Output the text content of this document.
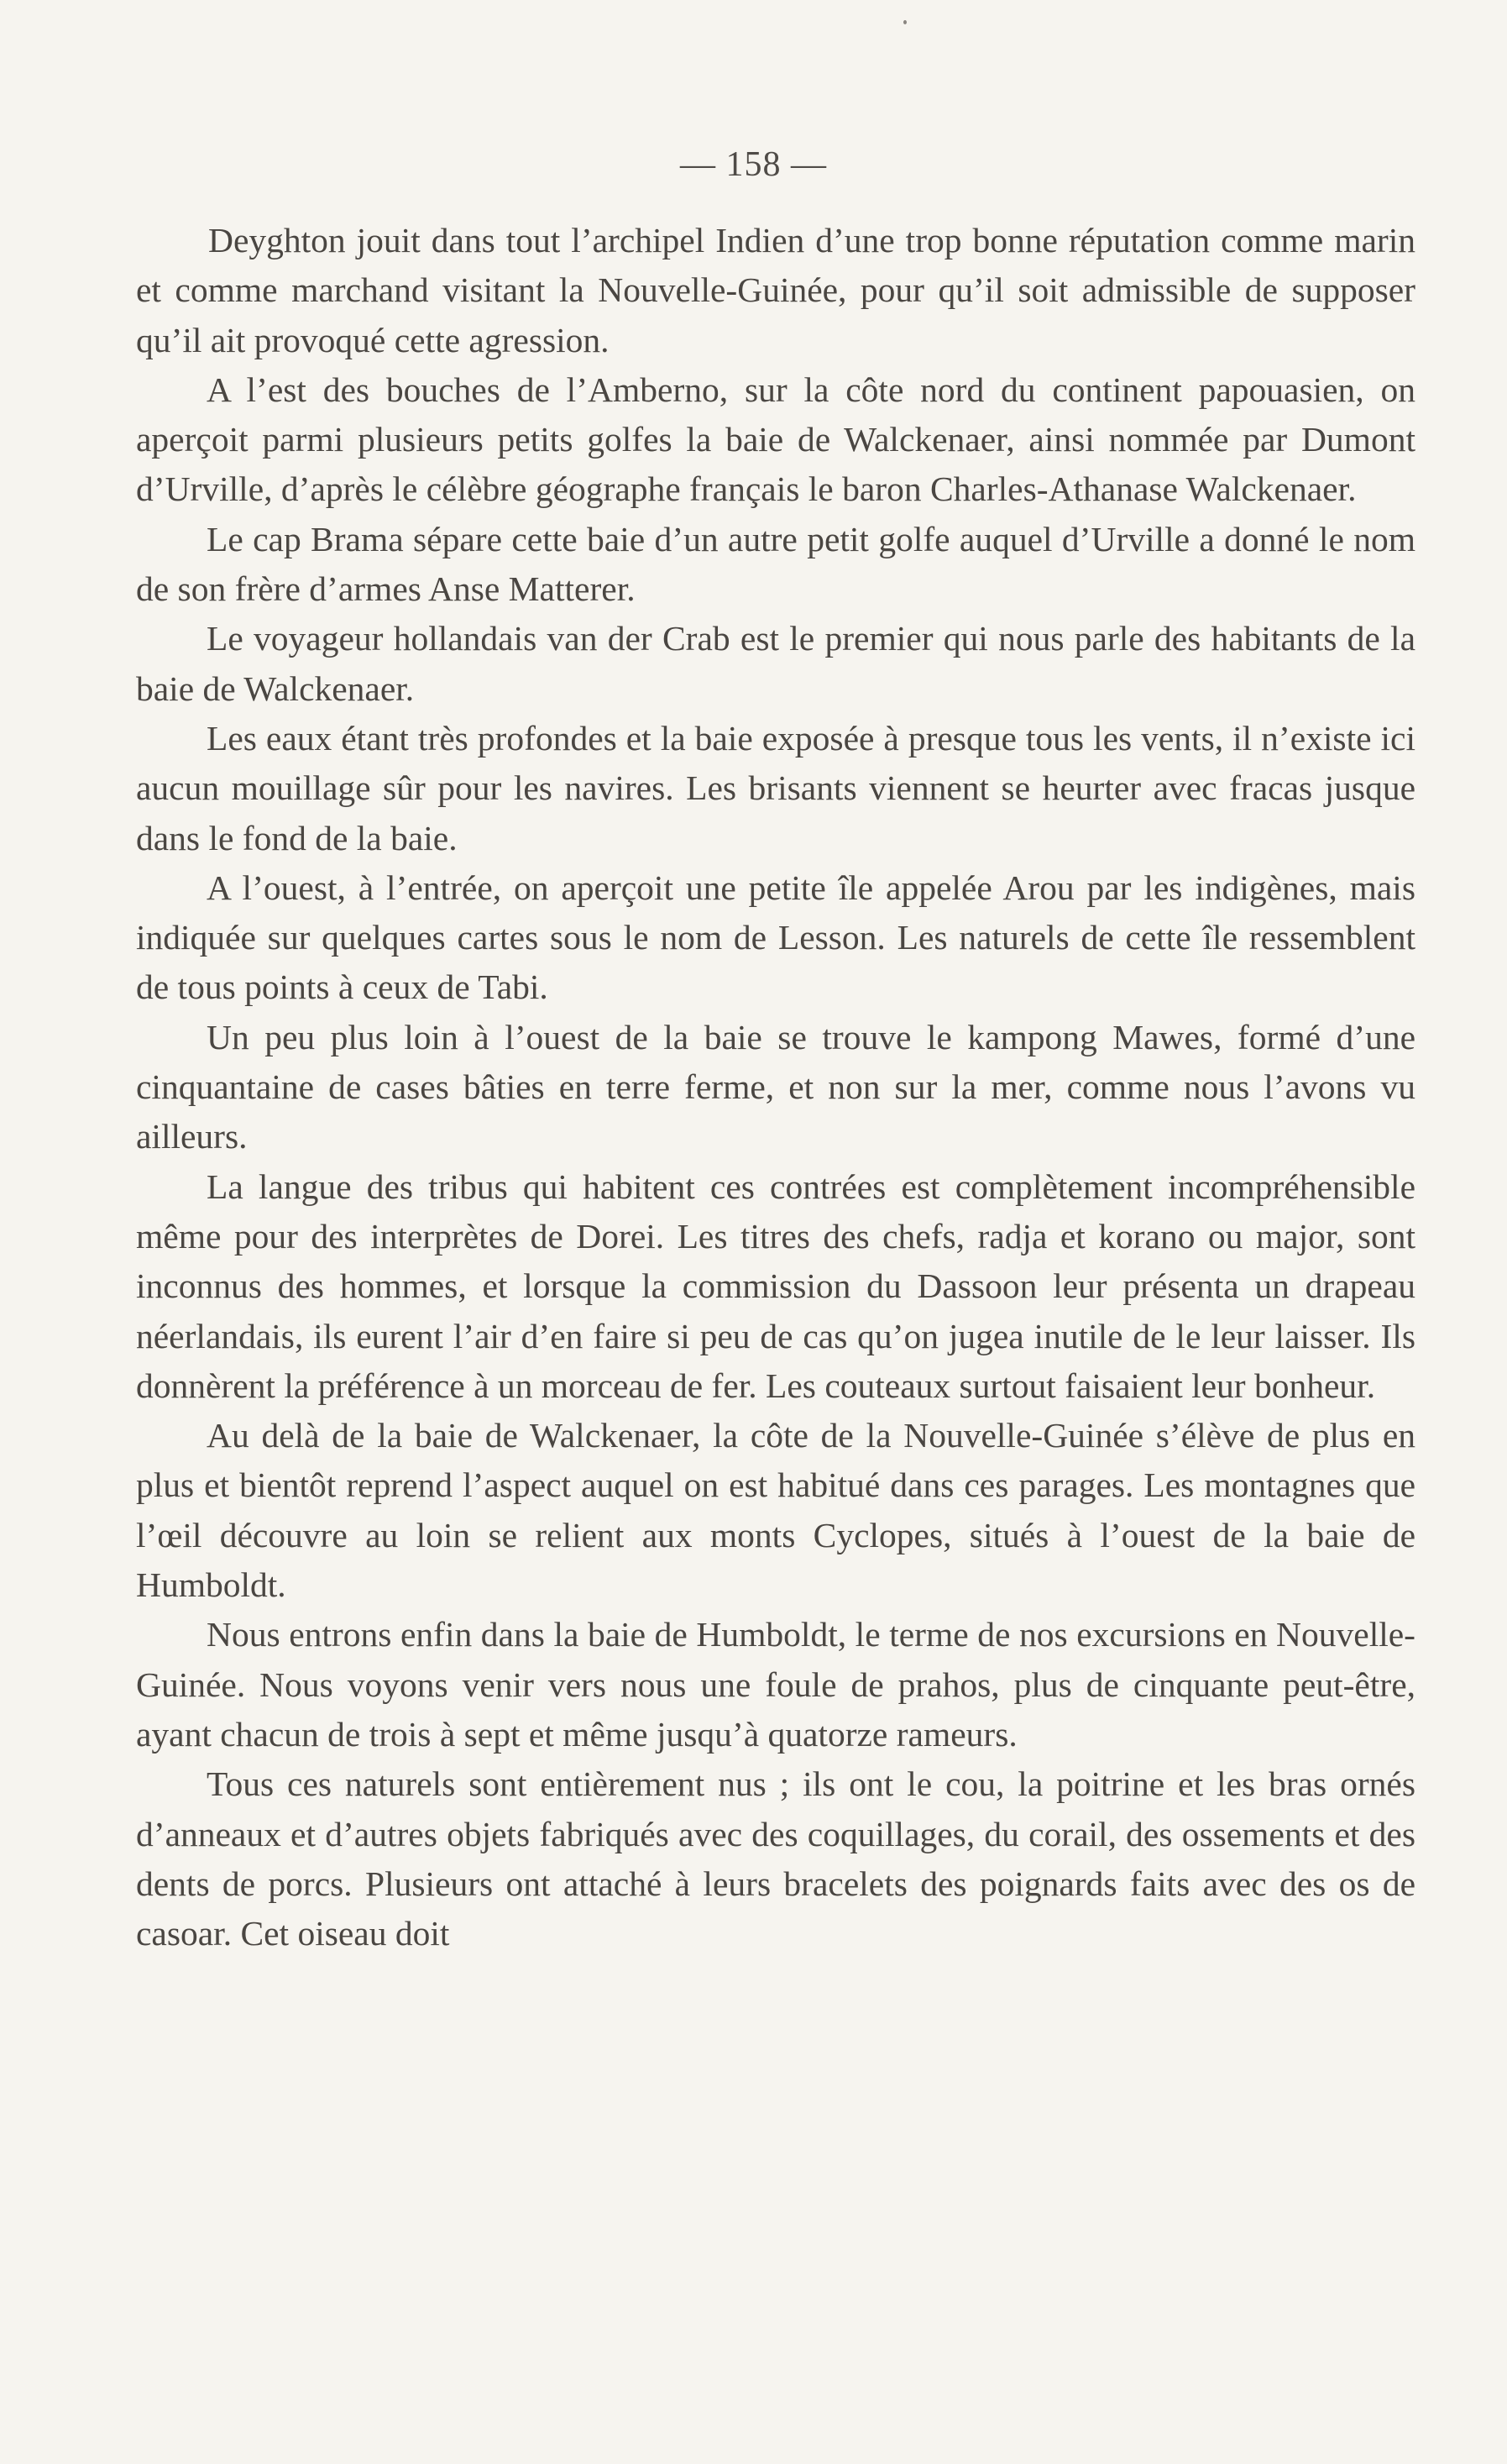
— 158 —

Deyghton jouit dans tout l’archipel Indien d’une trop bonne réputation comme marin et comme marchand visitant la Nouvelle-Guinée, pour qu’il soit admissible de supposer qu’il ait provoqué cette agression.

A l’est des bouches de l’Amberno, sur la côte nord du continent papouasien, on aperçoit parmi plusieurs petits golfes la baie de Walckenaer, ainsi nommée par Dumont d’Urville, d’après le célèbre géographe français le baron Charles-Athanase Walckenaer.

Le cap Brama sépare cette baie d’un autre petit golfe auquel d’Urville a donné le nom de son frère d’armes Anse Matterer.

Le voyageur hollandais van der Crab est le premier qui nous parle des habitants de la baie de Walckenaer.

Les eaux étant très profondes et la baie exposée à presque tous les vents, il n’existe ici aucun mouillage sûr pour les navires. Les brisants viennent se heurter avec fracas jusque dans le fond de la baie.

A l’ouest, à l’entrée, on aperçoit une petite île appelée Arou par les indigènes, mais indiquée sur quelques cartes sous le nom de Lesson. Les naturels de cette île ressemblent de tous points à ceux de Tabi.

Un peu plus loin à l’ouest de la baie se trouve le kampong Mawes, formé d’une cinquantaine de cases bâties en terre ferme, et non sur la mer, comme nous l’avons vu ailleurs.

La langue des tribus qui habitent ces contrées est complètement incompréhensible même pour des interprètes de Dorei. Les titres des chefs, radja et korano ou major, sont inconnus des hommes, et lorsque la commission du Dassoon leur présenta un drapeau néerlandais, ils eurent l’air d’en faire si peu de cas qu’on jugea inutile de le leur laisser. Ils donnèrent la préférence à un morceau de fer. Les couteaux surtout faisaient leur bonheur.

Au delà de la baie de Walckenaer, la côte de la Nouvelle-Guinée s’élève de plus en plus et bientôt reprend l’aspect auquel on est habitué dans ces parages. Les montagnes que l’œil découvre au loin se relient aux monts Cyclopes, situés à l’ouest de la baie de Humboldt.

Nous entrons enfin dans la baie de Humboldt, le terme de nos excursions en Nouvelle-Guinée. Nous voyons venir vers nous une foule de prahos, plus de cinquante peut-être, ayant chacun de trois à sept et même jusqu’à quatorze rameurs.

Tous ces naturels sont entièrement nus ; ils ont le cou, la poitrine et les bras ornés d’anneaux et d’autres objets fabriqués avec des coquillages, du corail, des ossements et des dents de porcs. Plusieurs ont attaché à leurs bracelets des poignards faits avec des os de casoar. Cet oiseau doit
